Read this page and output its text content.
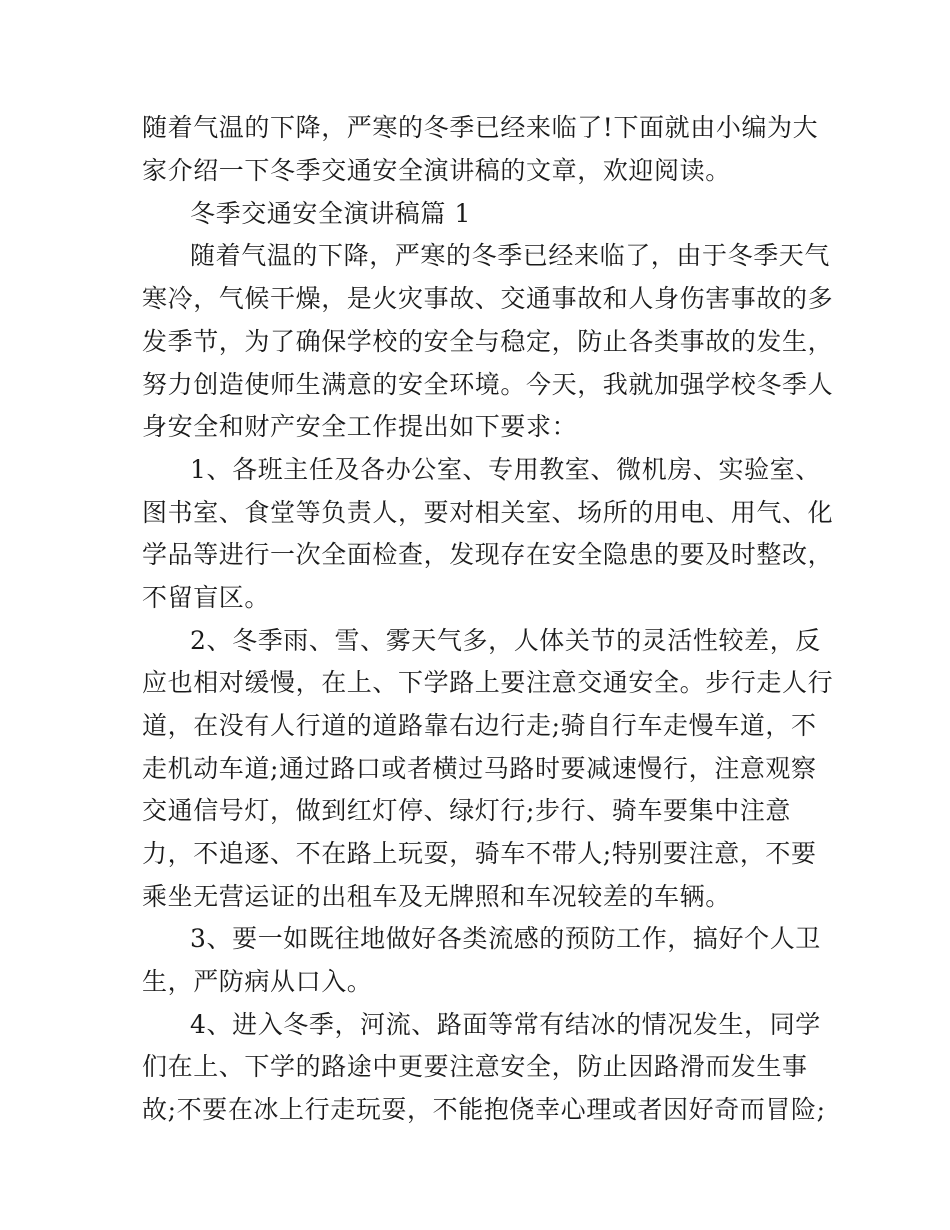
随着气温的下降，严寒的冬季已经来临了!下面就由小编为大
家介绍一下冬季交通安全演讲稿的文章，欢迎阅读。
冬季交通安全演讲稿篇 1
随着气温的下降，严寒的冬季已经来临了，由于冬季天气
寒冷，气候干燥，是火灾事故、交通事故和人身伤害事故的多
发季节，为了确保学校的安全与稳定，防止各类事故的发生，
努力创造使师生满意的安全环境。今天，我就加强学校冬季人
身安全和财产安全工作提出如下要求：
1、各班主任及各办公室、专用教室、微机房、实验室、
图书室、食堂等负责人，要对相关室、场所的用电、用气、化
学品等进行一次全面检查，发现存在安全隐患的要及时整改，
不留盲区。
2、冬季雨、雪、雾天气多，人体关节的灵活性较差，反
应也相对缓慢，在上、下学路上要注意交通安全。步行走人行
道，在没有人行道的道路靠右边行走;骑自行车走慢车道，不
走机动车道;通过路口或者横过马路时要减速慢行，注意观察
交通信号灯，做到红灯停、绿灯行;步行、骑车要集中注意
力，不追逐、不在路上玩耍，骑车不带人;特别要注意，不要
乘坐无营运证的出租车及无牌照和车况较差的车辆。
3、要一如既往地做好各类流感的预防工作，搞好个人卫
生，严防病从口入。
4、进入冬季，河流、路面等常有结冰的情况发生，同学
们在上、下学的路途中更要注意安全，防止因路滑而发生事
故;不要在冰上行走玩耍，不能抱侥幸心理或者因好奇而冒险;
